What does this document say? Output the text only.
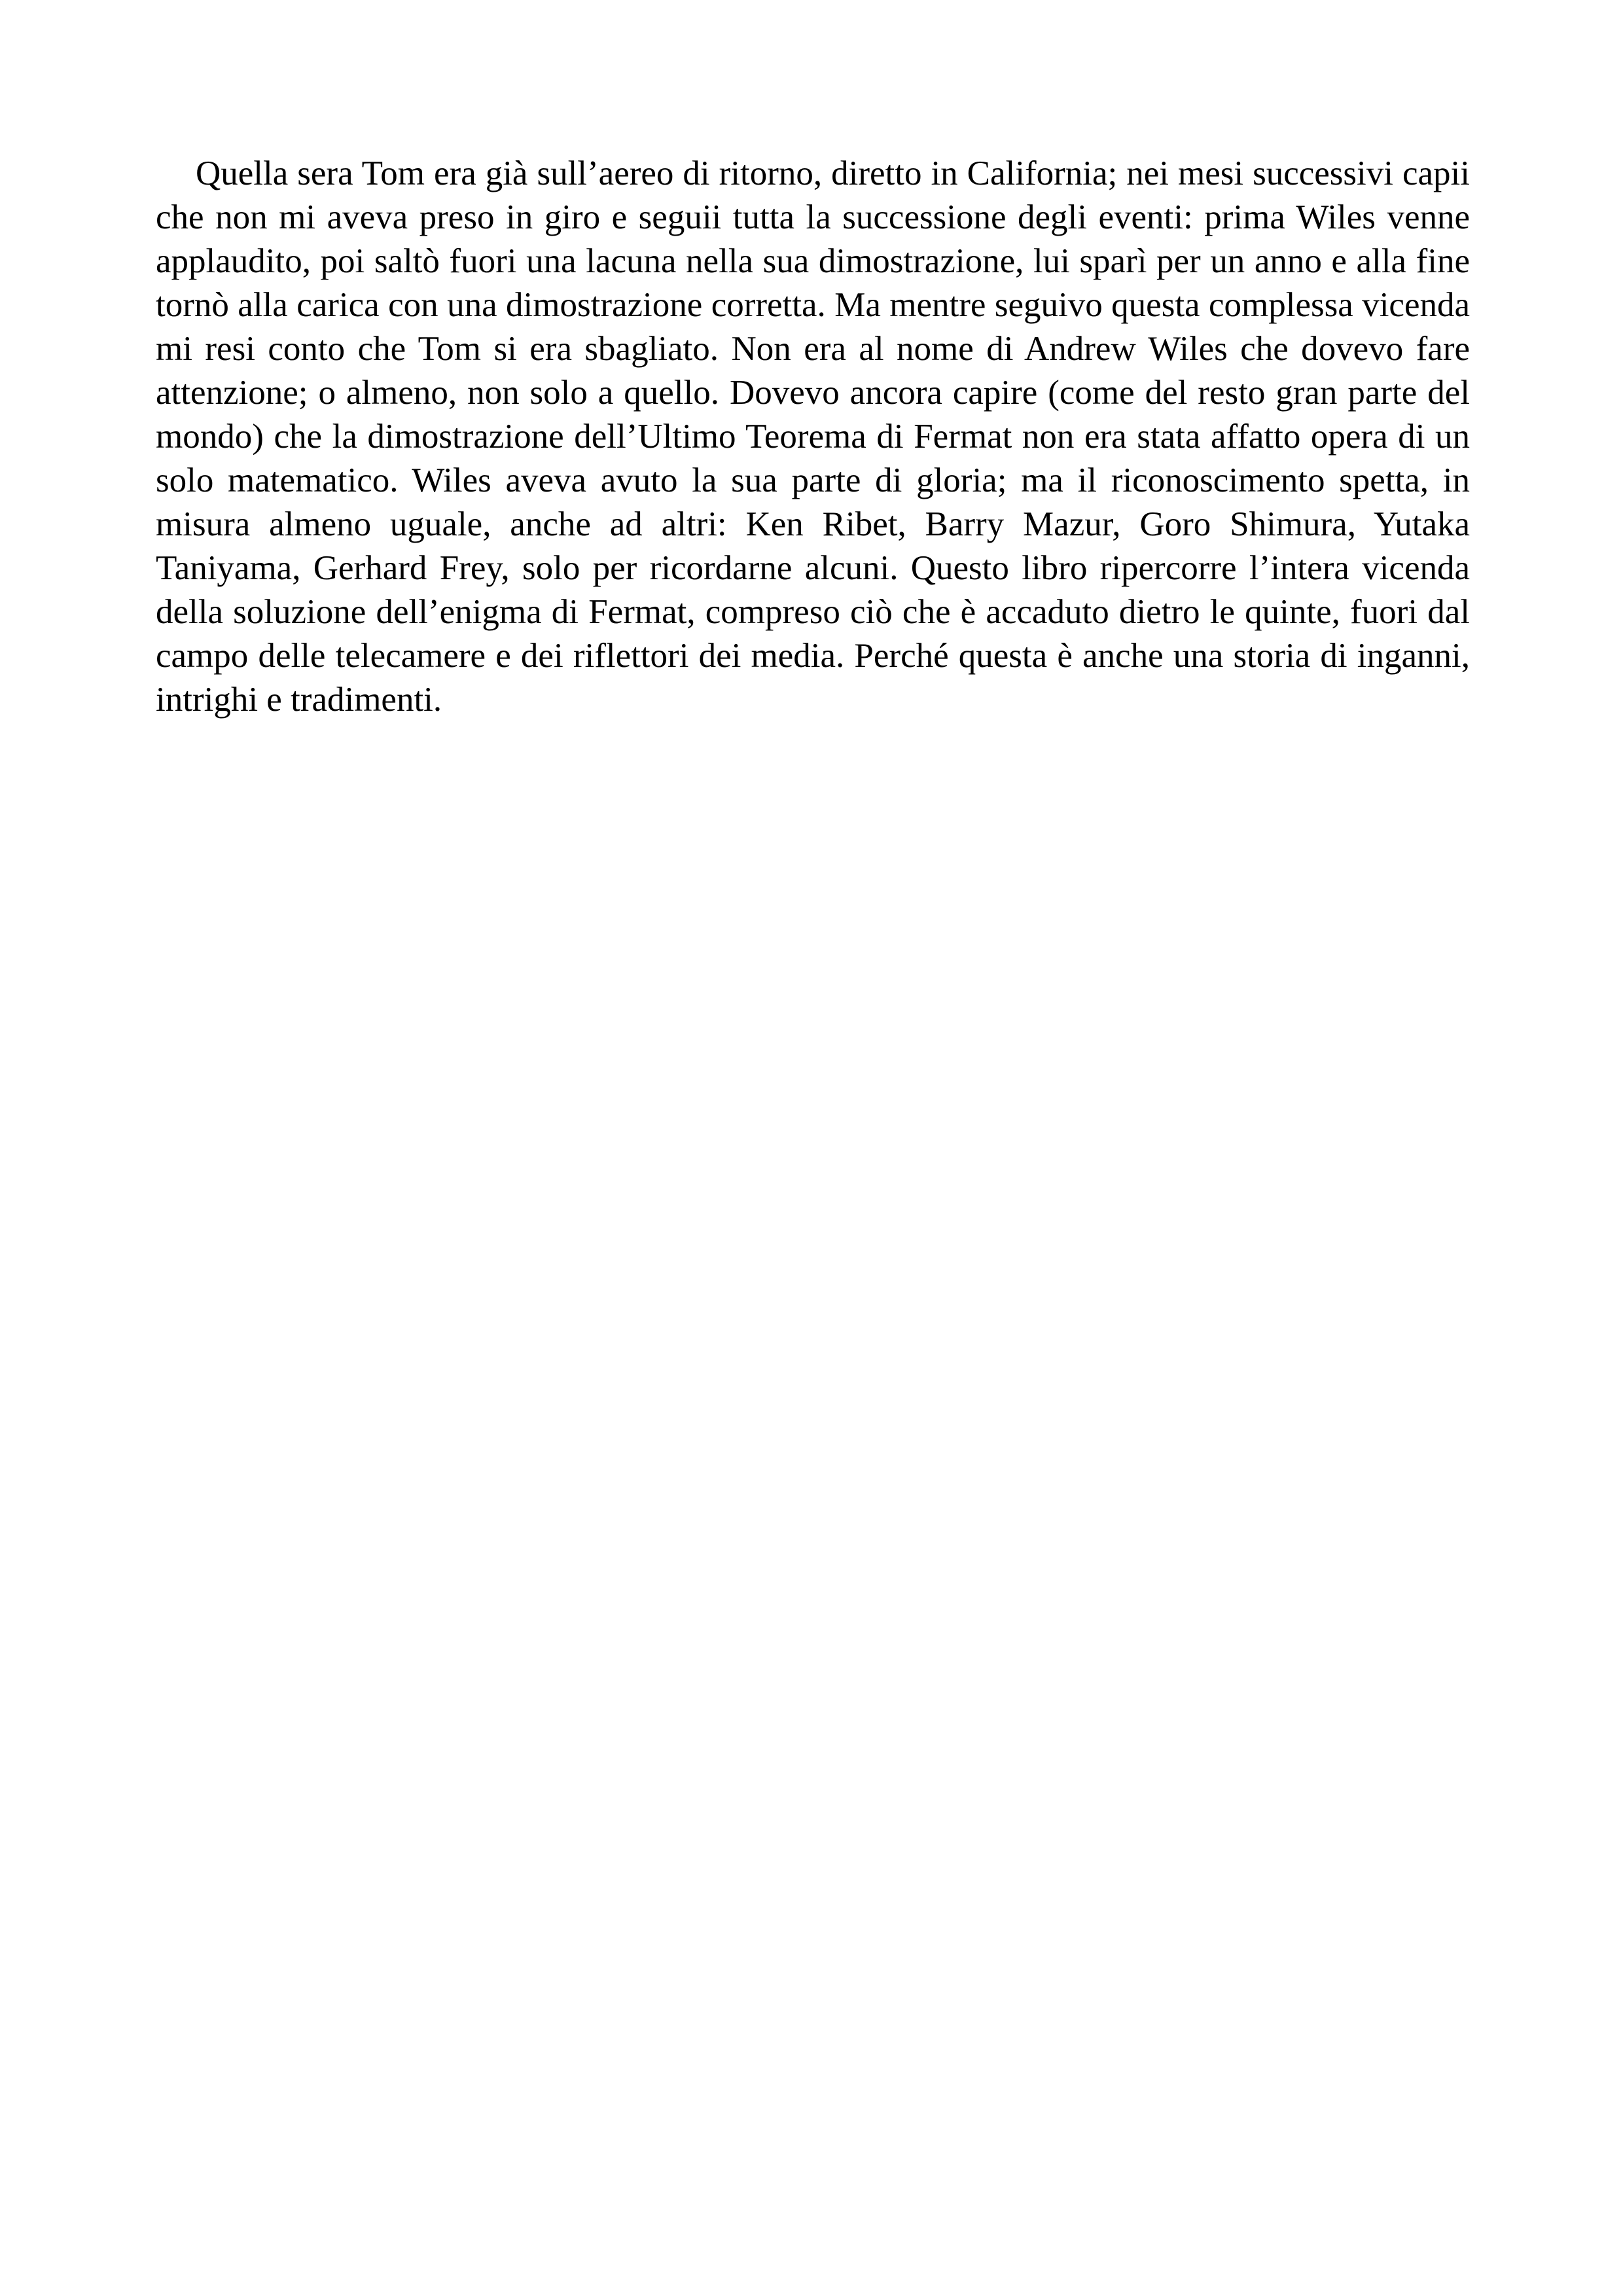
Quella sera Tom era già sull’aereo di ritorno, diretto in California; nei mesi successivi capii che non mi aveva preso in giro e seguii tutta la successione degli eventi: prima Wiles venne applaudito, poi saltò fuori una lacuna nella sua dimostrazione, lui sparì per un anno e alla fine tornò alla carica con una dimostrazione corretta. Ma mentre seguivo questa complessa vicenda mi resi conto che Tom si era sbagliato. Non era al nome di Andrew Wiles che dovevo fare attenzione; o almeno, non solo a quello. Dovevo ancora capire (come del resto gran parte del mondo) che la dimostrazione dell’Ultimo Teorema di Fermat non era stata affatto opera di un solo matematico. Wiles aveva avuto la sua parte di gloria; ma il riconoscimento spetta, in misura almeno uguale, anche ad altri: Ken Ribet, Barry Mazur, Goro Shimura, Yutaka Taniyama, Gerhard Frey, solo per ricordarne alcuni. Questo libro ripercorre l’intera vicenda della soluzione dell’enigma di Fermat, compreso ciò che è accaduto dietro le quinte, fuori dal campo delle telecamere e dei riflettori dei media. Perché questa è anche una storia di inganni, intrighi e tradimenti.
